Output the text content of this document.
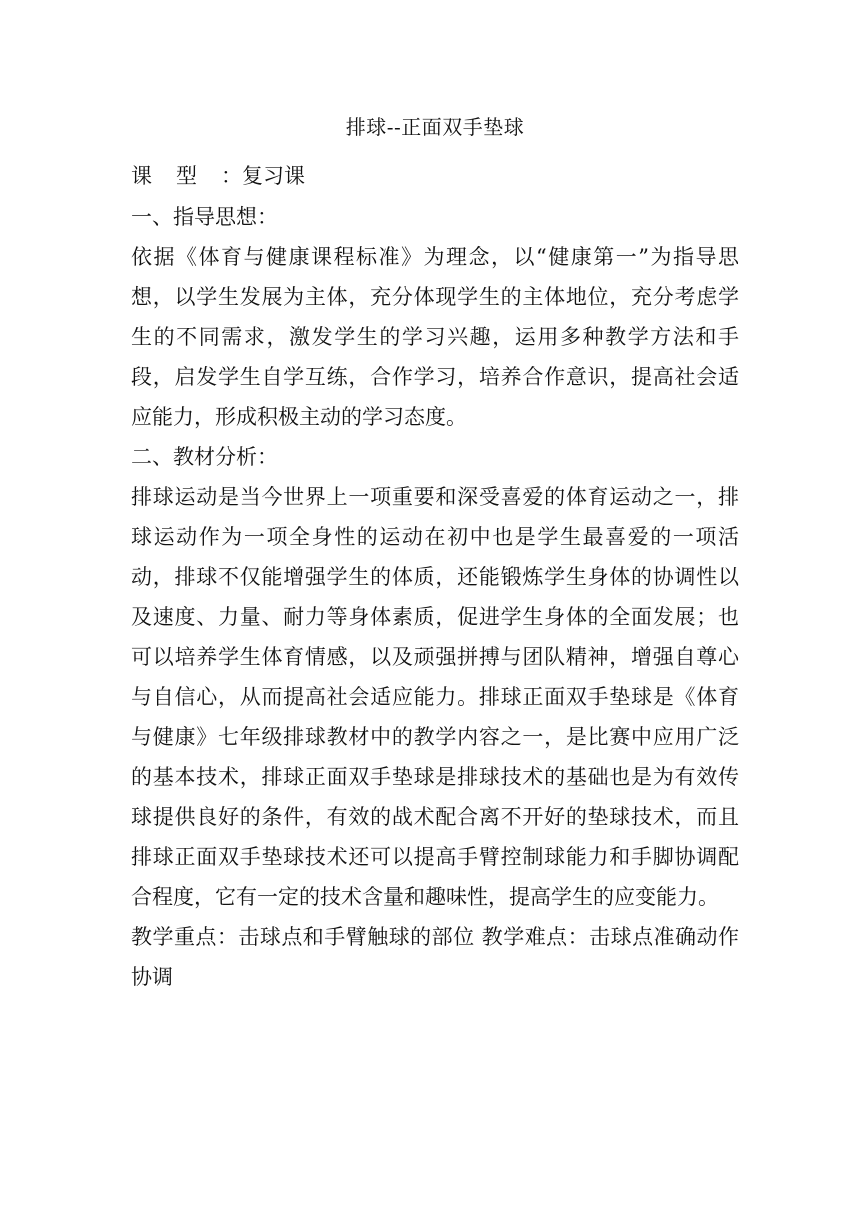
排球--正面双手垫球
课型：复习课
一、指导思想：
依据《体育与健康课程标准》为理念，以“健康第一”为指导思想，以学生发展为主体，充分体现学生的主体地位，充分考虑学生的不同需求，激发学生的学习兴趣，运用多种教学方法和手段，启发学生自学互练，合作学习，培养合作意识，提高社会适应能力，形成积极主动的学习态度。
二、教材分析：
排球运动是当今世界上一项重要和深受喜爱的体育运动之一，排球运动作为一项全身性的运动在初中也是学生最喜爱的一项活动，排球不仅能增强学生的体质，还能锻炼学生身体的协调性以及速度、力量、耐力等身体素质，促进学生身体的全面发展；也可以培养学生体育情感，以及顽强拼搏与团队精神，增强自尊心与自信心，从而提高社会适应能力。排球正面双手垫球是《体育与健康》七年级排球教材中的教学内容之一，是比赛中应用广泛的基本技术，排球正面双手垫球是排球技术的基础也是为有效传球提供良好的条件，有效的战术配合离不开好的垫球技术，而且排球正面双手垫球技术还可以提高手臂控制球能力和手脚协调配合程度，它有一定的技术含量和趣味性，提高学生的应变能力。
教学重点：击球点和手臂触球的部位 教学难点：击球点准确动作协调
